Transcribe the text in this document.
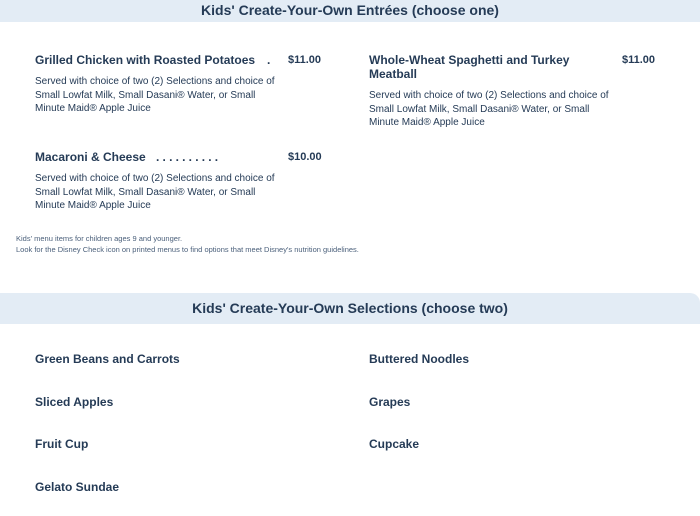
Kids' Create-Your-Own Entrées (choose one)
Grilled Chicken with Roasted Potatoes
Served with choice of two (2) Selections and choice of Small Lowfat Milk, Small Dasani® Water, or Small Minute Maid® Apple Juice
. $11.00	Whole-Wheat Spaghetti and Turkey Meatball
Served with choice of two (2) Selections and choice of Small Lowfat Milk, Small Dasani® Water, or Small Minute Maid® Apple Juice
$11.00
Macaroni & Cheese
Served with choice of two (2) Selections and choice of Small Lowfat Milk, Small Dasani® Water, or Small Minute Maid® Apple Juice
..........	$10.00
Kids' menu items for children ages 9 and younger.
Look for the Disney Check icon on printed menus to find options that meet Disney's nutrition guidelines.
Kids' Create-Your-Own Selections (choose two)
Green Beans and Carrots	Buttered Noodles
Sliced Apples	Grapes
Fruit Cup	Cupcake
Gelato Sundae
